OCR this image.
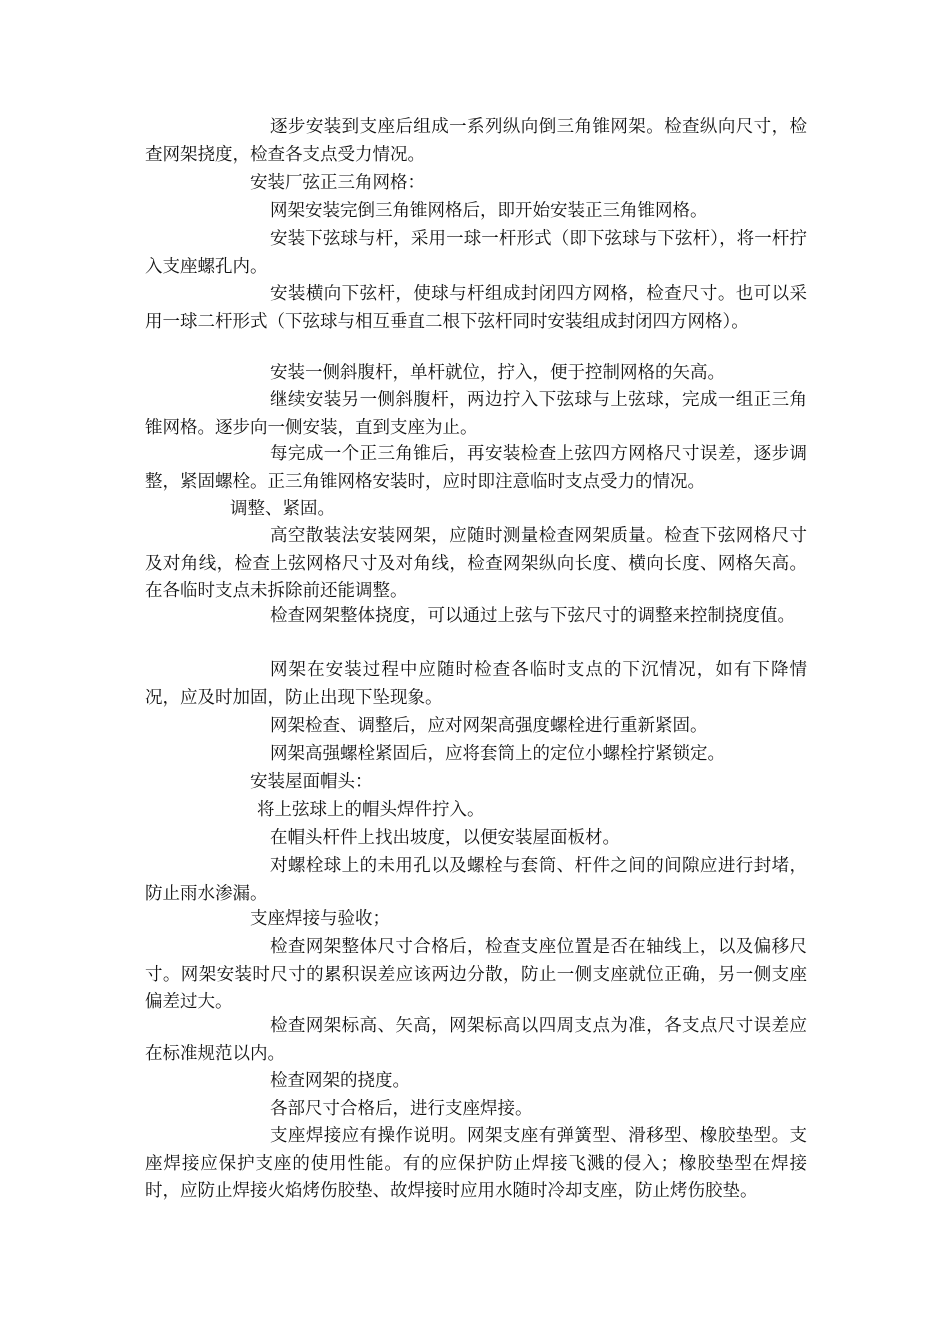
逐步安装到支座后组成一系列纵向倒三角锥网架。检查纵向尺寸，检查网架挠度，检查各支点受力情况。

安装厂弦正三角网格：

网架安装完倒三角锥网格后，即开始安装正三角锥网格。

安装下弦球与杆，采用一球一杆形式（即下弦球与下弦杆），将一杆拧入支座螺孔内。

安装横向下弦杆，使球与杆组成封闭四方网格，检查尺寸。也可以采用一球二杆形式（下弦球与相互垂直二根下弦杆同时安装组成封闭四方网格）。

安装一侧斜腹杆，单杆就位，拧入，便于控制网格的矢高。

继续安装另一侧斜腹杆，两边拧入下弦球与上弦球，完成一组正三角锥网格。逐步向一侧安装，直到支座为止。

每完成一个正三角锥后，再安装检查上弦四方网格尺寸误差，逐步调整，紧固螺栓。正三角锥网格安装时，应时即注意临时支点受力的情况。

调整、紧固。

高空散装法安装网架，应随时测量检查网架质量。检查下弦网格尺寸及对角线，检查上弦网格尺寸及对角线，检查网架纵向长度、横向长度、网格矢高。在各临时支点未拆除前还能调整。

检查网架整体挠度，可以通过上弦与下弦尺寸的调整来控制挠度值。

网架在安装过程中应随时检查各临时支点的下沉情况，如有下降情况，应及时加固，防止出现下坠现象。

网架检查、调整后，应对网架高强度螺栓进行重新紧固。

网架高强螺栓紧固后，应将套筒上的定位小螺栓拧紧锁定。

安装屋面帽头：

将上弦球上的帽头焊件拧入。

在帽头杆件上找出坡度，以便安装屋面板材。

对螺栓球上的未用孔以及螺栓与套筒、杆件之间的间隙应进行封堵，防止雨水渗漏。

支座焊接与验收；

检查网架整体尺寸合格后，检查支座位置是否在轴线上，以及偏移尺寸。网架安装时尺寸的累积误差应该两边分散，防止一侧支座就位正确，另一侧支座偏差过大。

检查网架标高、矢高，网架标高以四周支点为准，各支点尺寸误差应在标准规范以内。

检查网架的挠度。

各部尺寸合格后，进行支座焊接。

支座焊接应有操作说明。网架支座有弹簧型、滑移型、橡胶垫型。支座焊接应保护支座的使用性能。有的应保护防止焊接飞溅的侵入；橡胶垫型在焊接时，应防止焊接火焰烤伤胶垫、故焊接时应用水随时冷却支座，防止烤伤胶垫。
